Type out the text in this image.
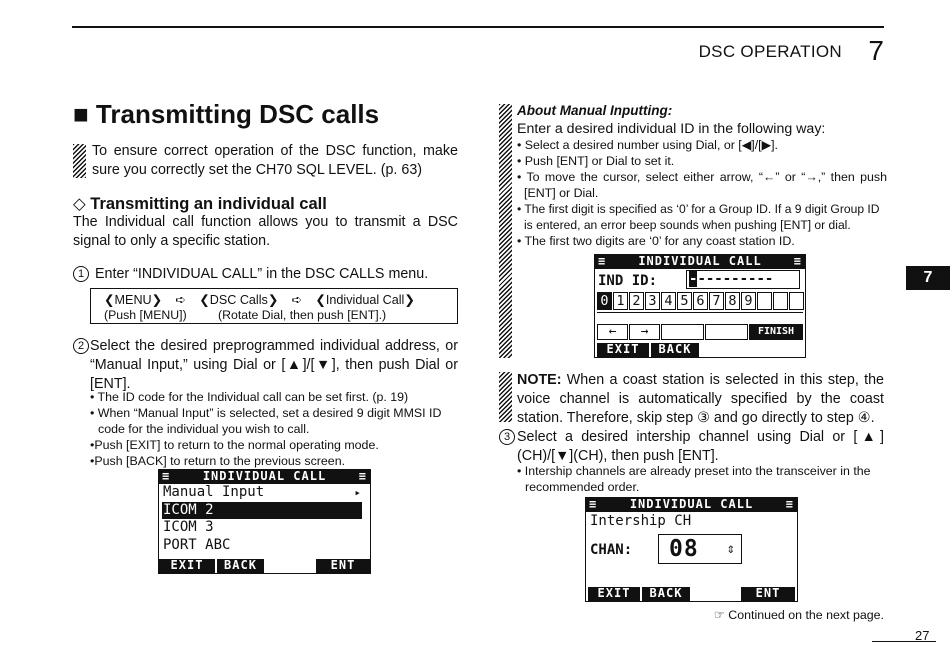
DSC OPERATION 7
7
27
■ Transmitting DSC calls
To ensure correct operation of the DSC function, make sure you correctly set the CH70 SQL LEVEL. (p. 63)
◇ Transmitting an individual call
The Individual call function allows you to transmit a DSC signal to only a specific station.
1 Enter “INDIVIDUAL CALL” in the DSC CALLS menu.
❮MENU❯ ➪ ❮DSC Calls❯ ➪ ❮Individual Call❯
(Push [MENU])	(Rotate Dial, then push [ENT].)
2 Select the desired preprogrammed individual address, or “Manual Input,” using Dial or [▲]/[▼], then push Dial or [ENT].
• The ID code for the Individual call can be set first. (p. 19)
• When “Manual Input” is selected, set a desired 9 digit MMSI ID code for the individual you wish to call.
•Push [EXIT] to return to the normal operating mode.
•Push [BACK] to return to the previous screen.
≡	INDIVIDUAL CALL	≡
Manual Input	▸
ICOM 2
ICOM 3
PORT ABC
EXIT	BACK	ENT
About Manual Inputting:
Enter a desired individual ID in the following way:
• Select a desired number using Dial, or [◀]/[▶].
• Push [ENT] or Dial to set it.
• To move the cursor, select either arrow, “←” or “→,” then push [ENT] or Dial.
• The first digit is specified as ‘0’ for a Group ID. If a 9 digit Group ID is entered, an error beep sounds when pushing [ENT] or dial.
• The first two digits are ‘0’ for any coast station ID.
≡	INDIVIDUAL CALL	≡
IND ID: ----------
0 1 2 3 4 5 6 7 8 9
←	→	FINISH
EXIT	BACK
NOTE: When a coast station is selected in this step, the voice channel is automatically specified by the coast station. Therefore, skip step ③ and go directly to step ④.
3 Select a desired intership channel using Dial or [▲](CH)/[▼](CH), then push [ENT].
• Intership channels are already preset into the transceiver in the recommended order.
≡	INDIVIDUAL CALL	≡
Intership CH
CHAN: 08 ⇕
EXIT	BACK	ENT
☞ Continued on the next page.
